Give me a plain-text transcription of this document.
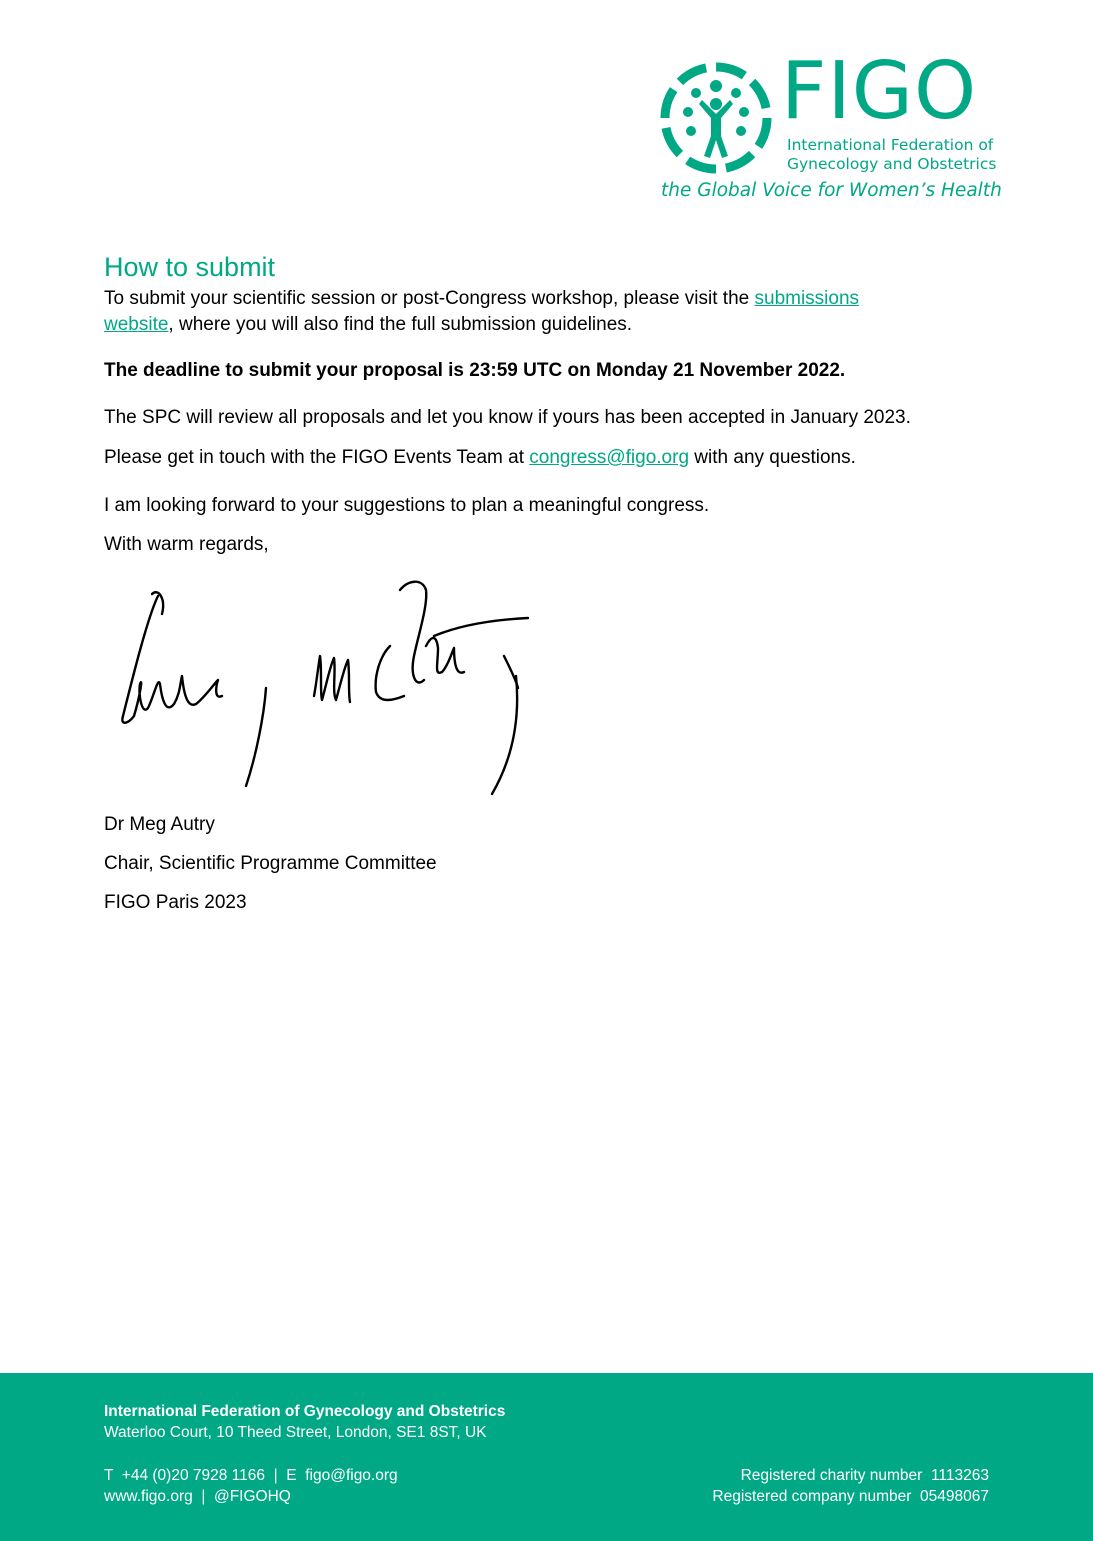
FIGO
International Federation of
Gynecology and Obstetrics
the Global Voice for Women’s Health
How to submit

To submit your scientific session or post-Congress workshop, please visit the submissions
website, where you will also find the full submission guidelines.

The deadline to submit your proposal is 23:59 UTC on Monday 21 November 2022.

The SPC will review all proposals and let you know if yours has been accepted in January 2023.

Please get in touch with the FIGO Events Team at congress@figo.org with any questions.

I am looking forward to your suggestions to plan a meaningful congress.

With warm regards,

Dr Meg Autry
Chair, Scientific Programme Committee
FIGO Paris 2023
International Federation of Gynecology and Obstetrics
Waterloo Court, 10 Theed Street, London, SE1 8ST, UK
T  +44 (0)20 7928 1166  |  E  figo@figo.org
www.figo.org  |  @FIGOHQ
Registered charity number  1113263
Registered company number  05498067
